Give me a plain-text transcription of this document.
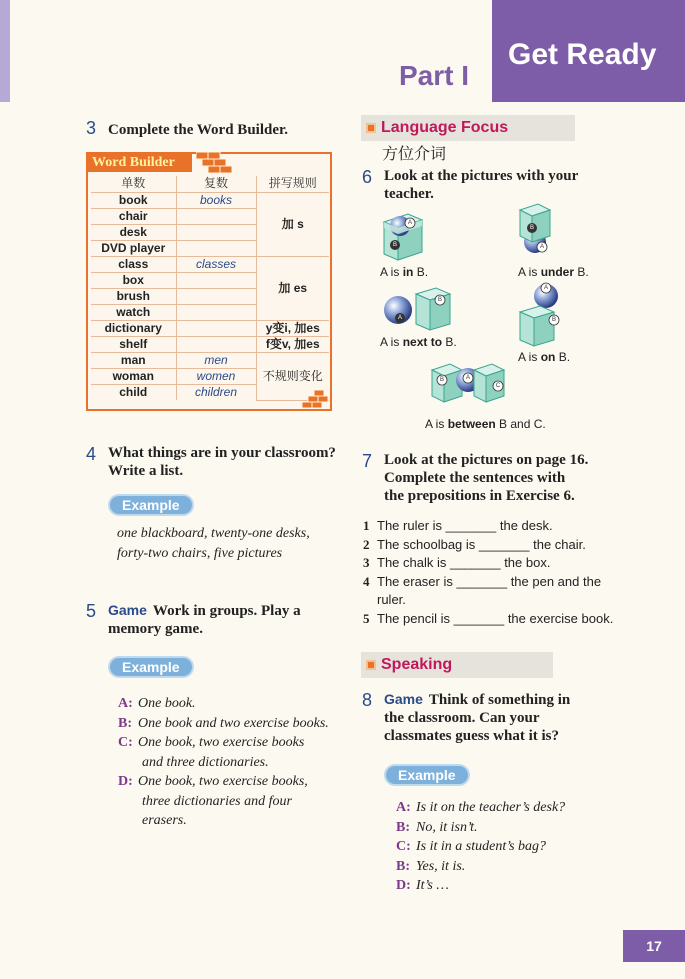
Get Ready
Part I
3 Complete the Word Builder.
单数	复数	拼写规则
book	books	加 s
chair		
desk		
DVD player		
class	classes	加 es
box		
brush		
watch		
dictionary		y变i, 加es
shelf		f变v, 加es
man	men	不规则变化
woman	women	
child	children	
Word Builder
4 What things are in your classroom?
Write a list.
Example
one blackboard, twenty-one desks,
forty-two chairs, five pictures
5 Game Work in groups. Play a
memory game.
Example
A: One book.
B: One book and two exercise books.
C: One book, two exercise books
and three dictionaries.
D: One book, two exercise books,
three dictionaries and four
erasers.
Language Focus
方位介词
6 Look at the pictures with your
teacher.
A
B
B
A
A
B
A
B
B	A
C
A is in B.	A is under B.
A is next to B.
A is on B.
A is between B and C.
7 Look at the pictures on page 16.
Complete the sentences with
the prepositions in Exercise 6.
1 The ruler is _______ the desk.
2 The schoolbag is _______ the chair.
3 The chalk is _______ the box.
4 The eraser is _______ the pen and the
ruler.
5 The pencil is _______ the exercise book.
Speaking
8 Game Think of something in
the classroom. Can your
classmates guess what it is?
Example
A: Is it on the teacher’s desk?
B: No, it isn’t.
C: Is it in a student’s bag?
B: Yes, it is.
D: It’s …
17
